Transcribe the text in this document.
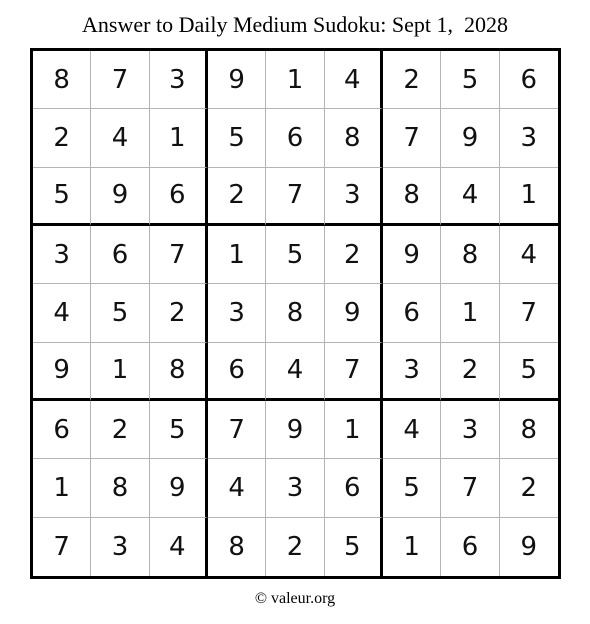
Answer to Daily Medium Sudoku: Sept 1,  2028
8	7	3	9	1	4	2	5	6
2	4	1	5	6	8	7	9	3
5	9	6	2	7	3	8	4	1
3	6	7	1	5	2	9	8	4
4	5	2	3	8	9	6	1	7
9	1	8	6	4	7	3	2	5
6	2	5	7	9	1	4	3	8
1	8	9	4	3	6	5	7	2
7	3	4	8	2	5	1	6	9
© valeur.org
